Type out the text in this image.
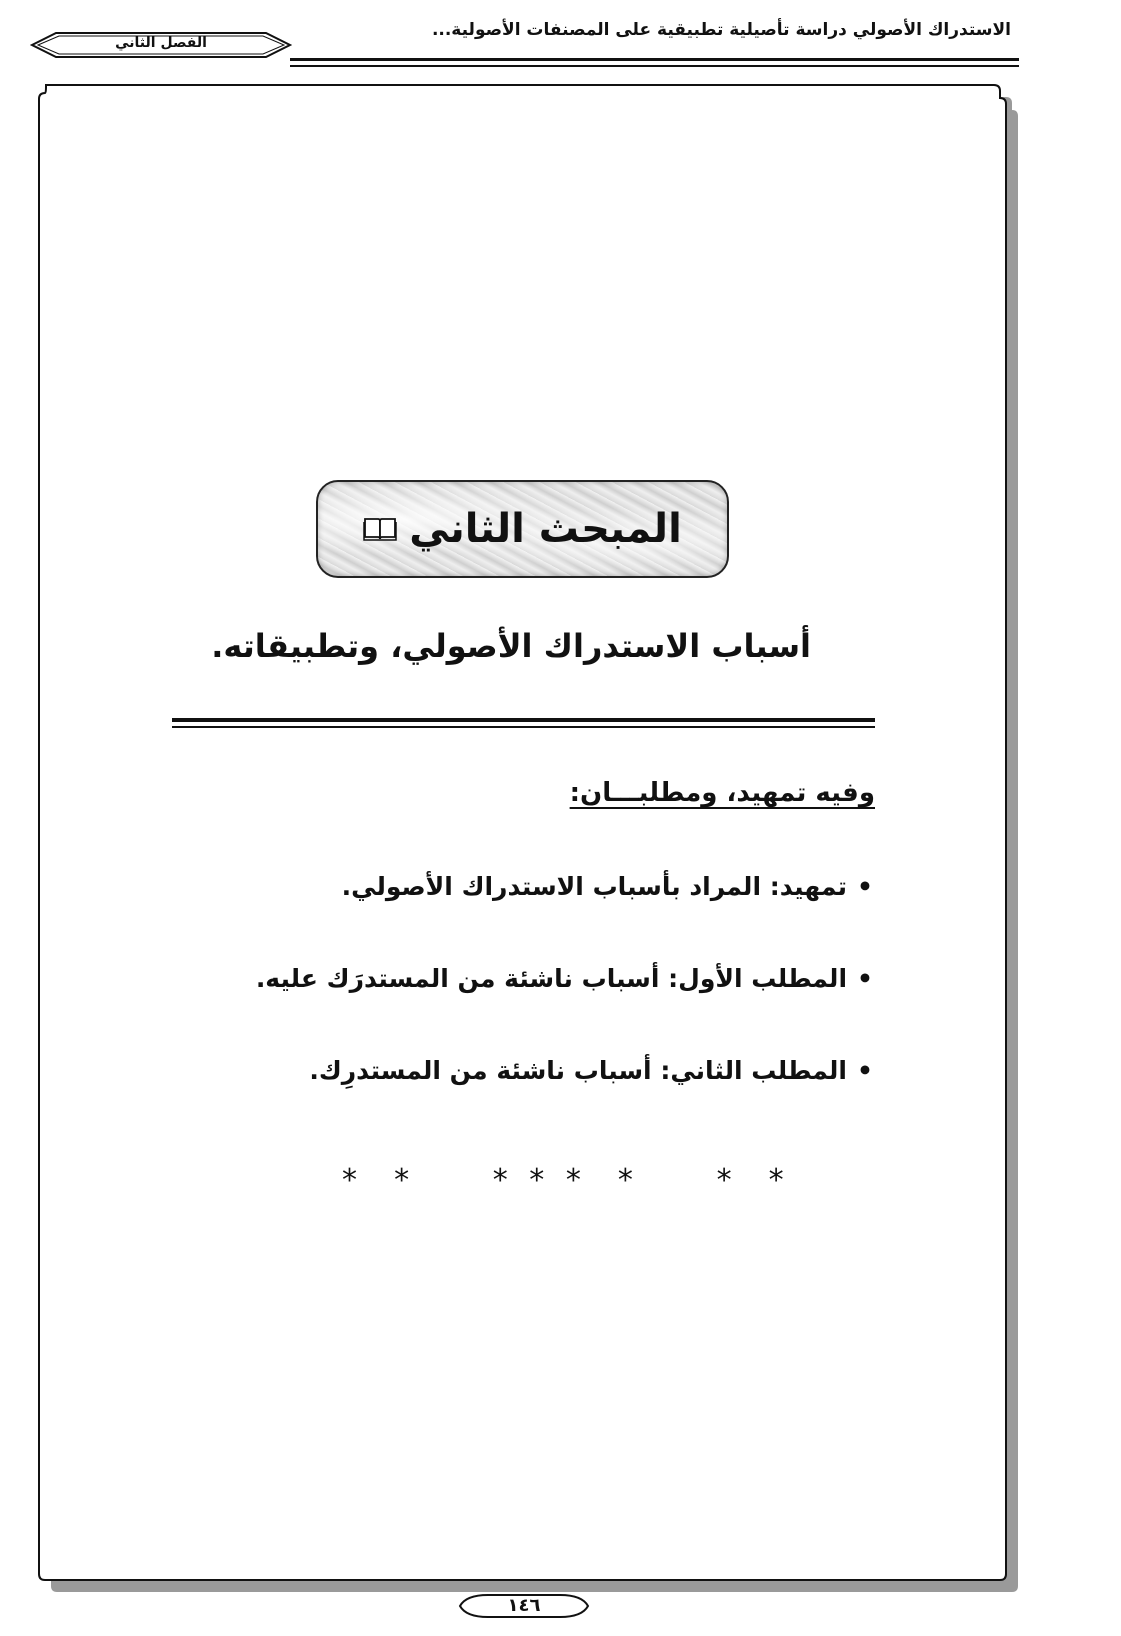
الاستدراك الأصولي دراسة تأصيلية تطبيقية على المصنفات الأصولية...
الفصل الثاني
المبحث الثاني
أسباب الاستدراك الأصولي، وتطبيقاته.
وفيه تمهيد، ومطلبـــان:
•تمهيد: المراد بأسباب الاستدراك الأصولي.
•المطلب الأول: أسباب ناشئة من المستدرَك عليه.
•المطلب الثاني: أسباب ناشئة من المستدرِك.
*  *     * * *  *     *  *
١٤٦
